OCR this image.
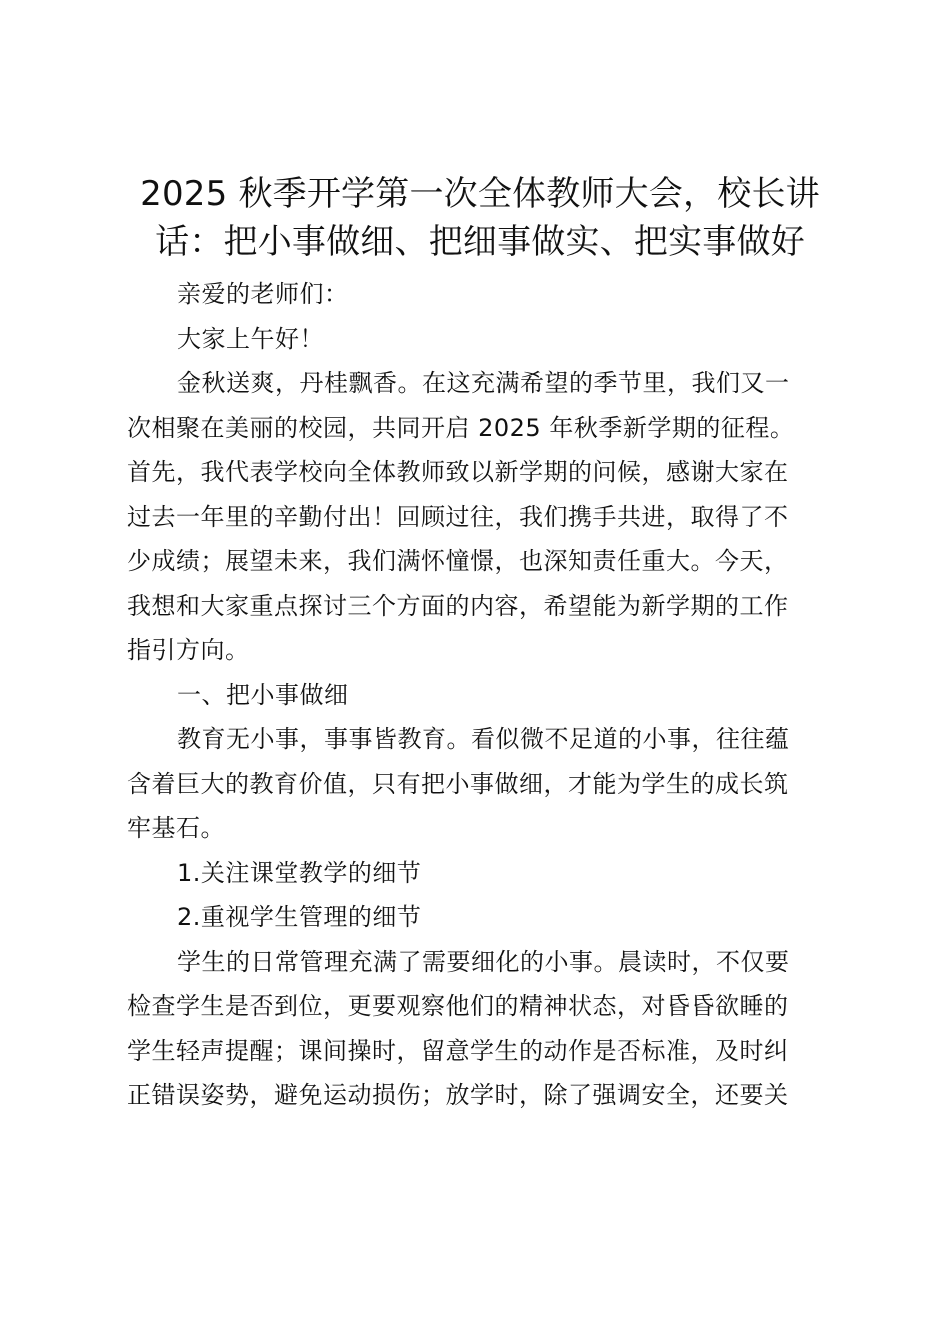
2025 秋季开学第一次全体教师大会，校长讲
话：把小事做细、把细事做实、把实事做好

亲爱的老师们：

大家上午好！

金秋送爽，丹桂飘香。在这充满希望的季节里，我们又一
次相聚在美丽的校园，共同开启 2025 年秋季新学期的征程。
首先，我代表学校向全体教师致以新学期的问候，感谢大家在
过去一年里的辛勤付出！回顾过往，我们携手共进，取得了不
少成绩；展望未来，我们满怀憧憬，也深知责任重大。今天，
我想和大家重点探讨三个方面的内容，希望能为新学期的工作
指引方向。

一、把小事做细

教育无小事，事事皆教育。看似微不足道的小事，往往蕴
含着巨大的教育价值，只有把小事做细，才能为学生的成长筑
牢基石。

1.关注课堂教学的细节

2.重视学生管理的细节

学生的日常管理充满了需要细化的小事。晨读时，不仅要
检查学生是否到位，更要观察他们的精神状态，对昏昏欲睡的
学生轻声提醒；课间操时，留意学生的动作是否标准，及时纠
正错误姿势，避免运动损伤；放学时，除了强调安全，还要关
